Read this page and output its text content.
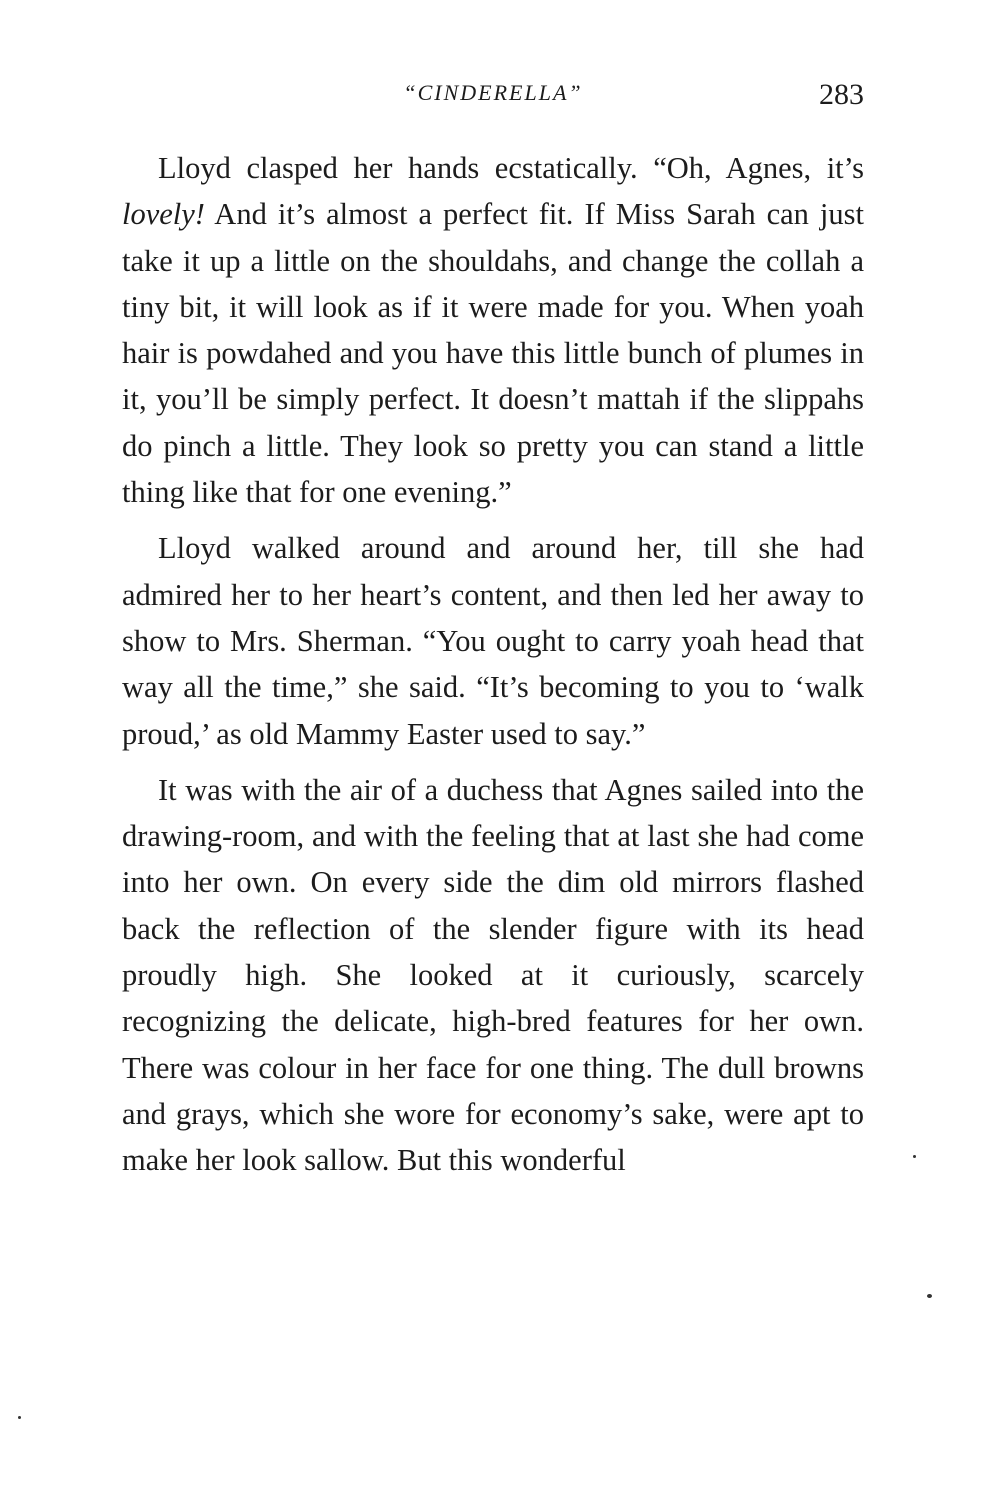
“CINDERELLA”	283

Lloyd clasped her hands ecstatically. “Oh, Agnes, it’s lovely! And it’s almost a perfect fit. If Miss Sarah can just take it up a little on the shouldahs, and change the collah a tiny bit, it will look as if it were made for you. When yoah hair is powdahed and you have this little bunch of plumes in it, you’ll be simply perfect. It doesn’t mattah if the slippahs do pinch a little. They look so pretty you can stand a little thing like that for one evening.”

Lloyd walked around and around her, till she had admired her to her heart’s content, and then led her away to show to Mrs. Sherman. “You ought to carry yoah head that way all the time,” she said. “It’s becoming to you to ‘walk proud,’ as old Mammy Easter used to say.”

It was with the air of a duchess that Agnes sailed into the drawing-room, and with the feeling that at last she had come into her own. On every side the dim old mirrors flashed back the reflection of the slender figure with its head proudly high. She looked at it curiously, scarcely recognizing the delicate, high-bred features for her own. There was colour in her face for one thing. The dull browns and grays, which she wore for economy’s sake, were apt to make her look sallow. But this wonderful
